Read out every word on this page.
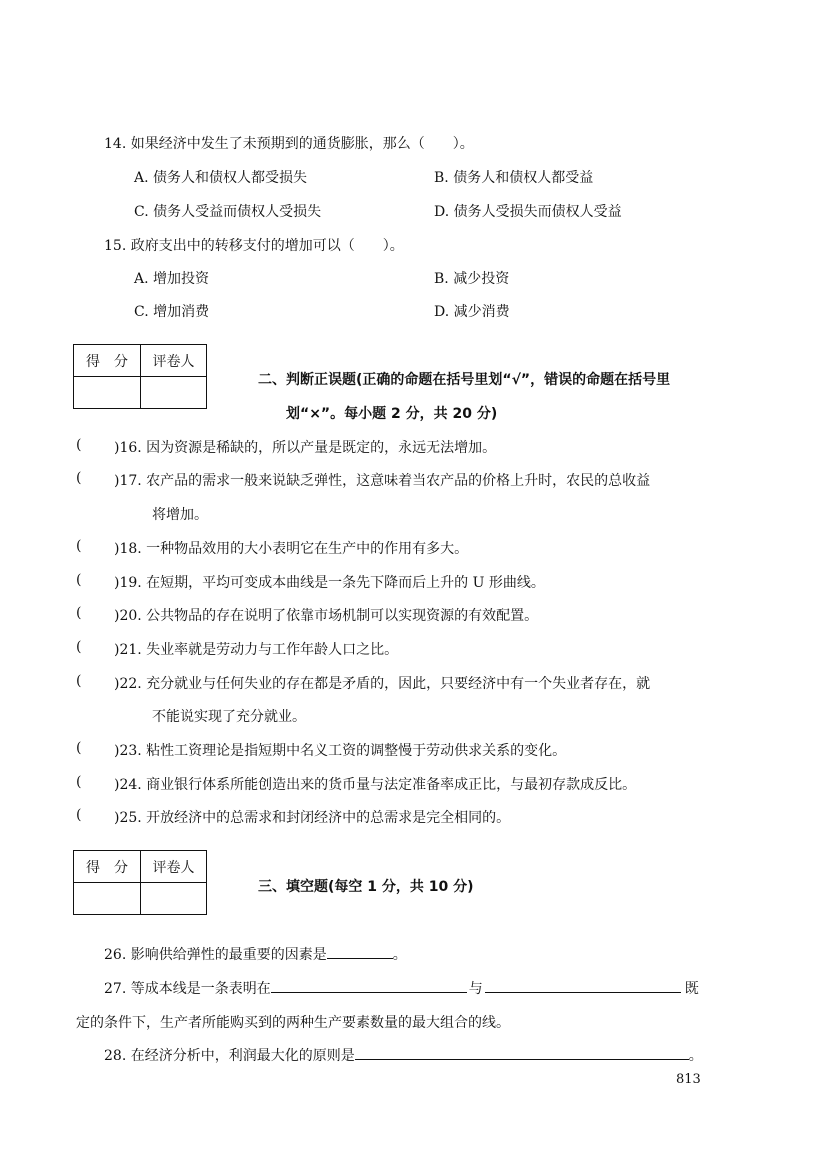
14. 如果经济中发生了未预期到的通货膨胀，那么（　　）。
A. 债务人和债权人都受损失	B. 债务人和债权人都受益
C. 债务人受益而债权人受损失	D. 债务人受损失而债权人受益
15. 政府支出中的转移支付的增加可以（　　）。
A. 增加投资	B. 减少投资
C. 增加消费	D. 减少消费
得　分	评卷人

二、判断正误题(正确的命题在括号里划“√”，错误的命题在括号里
划“×”。每小题 2 分，共 20 分)
( )16. 因为资源是稀缺的，所以产量是既定的，永远无法增加。
( )17. 农产品的需求一般来说缺乏弹性，这意味着当农产品的价格上升时，农民的总收益
将增加。
( )18. 一种物品效用的大小表明它在生产中的作用有多大。
( )19. 在短期，平均可变成本曲线是一条先下降而后上升的 U 形曲线。
( )20. 公共物品的存在说明了依靠市场机制可以实现资源的有效配置。
( )21. 失业率就是劳动力与工作年龄人口之比。
( )22. 充分就业与任何失业的存在都是矛盾的，因此，只要经济中有一个失业者存在，就
不能说实现了充分就业。
( )23. 粘性工资理论是指短期中名义工资的调整慢于劳动供求关系的变化。
( )24. 商业银行体系所能创造出来的货币量与法定准备率成正比，与最初存款成反比。
( )25. 开放经济中的总需求和封闭经济中的总需求是完全相同的。
得　分	评卷人

三、填空题(每空 1 分，共 10 分)
26. 影响供给弹性的最重要的因素是	。
27. 等成本线是一条表明在	与	既
定的条件下，生产者所能购买到的两种生产要素数量的最大组合的线。
28. 在经济分析中，利润最大化的原则是	。
813
